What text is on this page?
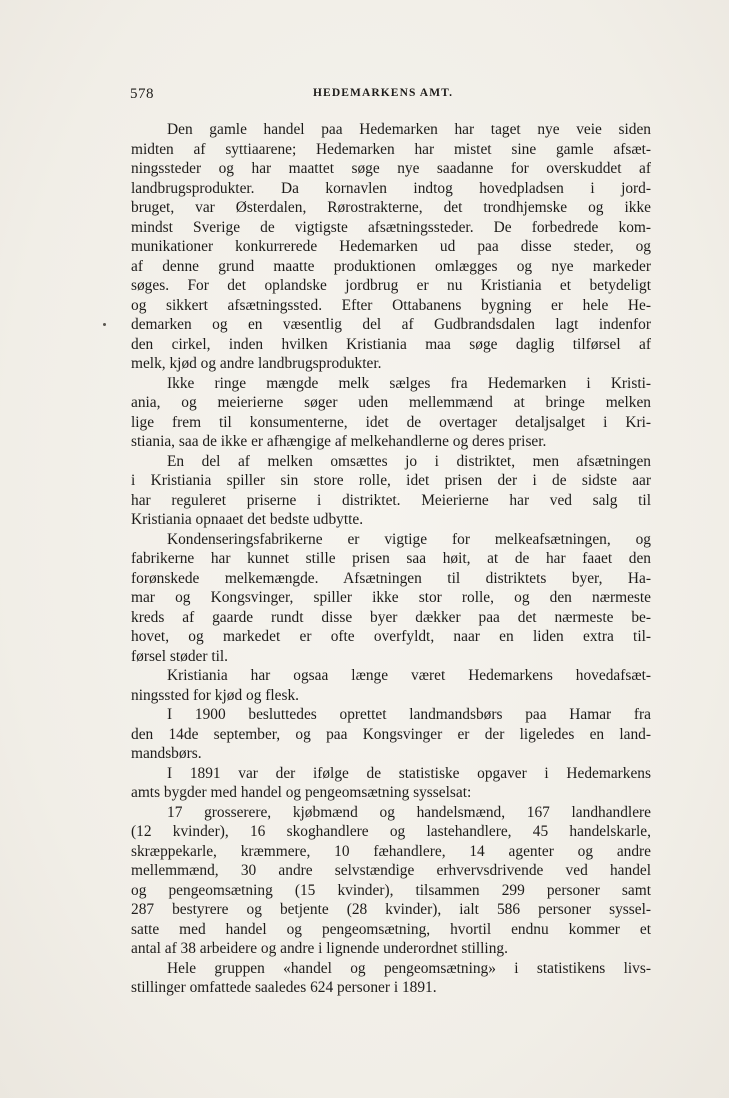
578	HEDEMARKENS AMT.
Den gamle handel paa Hedemarken har taget nye veie siden
midten af syttiaarene; Hedemarken har mistet sine gamle afsæt-
ningssteder og har maattet søge nye saadanne for overskuddet af
landbrugsprodukter. Da kornavlen indtog hovedpladsen i jord-
bruget, var Østerdalen, Rørostrakterne, det trondhjemske og ikke
mindst Sverige de vigtigste afsætningssteder. De forbedrede kom-
munikationer konkurrerede Hedemarken ud paa disse steder, og
af denne grund maatte produktionen omlægges og nye markeder
søges. For det oplandske jordbrug er nu Kristiania et betydeligt
og sikkert afsætningssted. Efter Ottabanens bygning er hele He-
demarken og en væsentlig del af Gudbrandsdalen lagt indenfor
den cirkel, inden hvilken Kristiania maa søge daglig tilførsel af
melk, kjød og andre landbrugsprodukter.
Ikke ringe mængde melk sælges fra Hedemarken i Kristi-
ania, og meierierne søger uden mellemmænd at bringe melken
lige frem til konsumenterne, idet de overtager detaljsalget i Kri-
stiania, saa de ikke er afhængige af melkehandlerne og deres priser.
En del af melken omsættes jo i distriktet, men afsætningen
i Kristiania spiller sin store rolle, idet prisen der i de sidste aar
har reguleret priserne i distriktet. Meierierne har ved salg til
Kristiania opnaaet det bedste udbytte.
Kondenseringsfabrikerne er vigtige for melkeafsætningen, og
fabrikerne har kunnet stille prisen saa høit, at de har faaet den
forønskede melkemængde. Afsætningen til distriktets byer, Ha-
mar og Kongsvinger, spiller ikke stor rolle, og den nærmeste
kreds af gaarde rundt disse byer dækker paa det nærmeste be-
hovet, og markedet er ofte overfyldt, naar en liden extra til-
førsel støder til.
Kristiania har ogsaa længe været Hedemarkens hovedafsæt-
ningssted for kjød og flesk.
I 1900 besluttedes oprettet landmandsbørs paa Hamar fra
den 14de september, og paa Kongsvinger er der ligeledes en land-
mandsbørs.
I 1891 var der ifølge de statistiske opgaver i Hedemarkens
amts bygder med handel og pengeomsætning sysselsat:
17 grosserere, kjøbmænd og handelsmænd, 167 landhandlere
(12 kvinder), 16 skoghandlere og lastehandlere, 45 handelskarle,
skræppekarle, kræmmere, 10 fæhandlere, 14 agenter og andre
mellemmænd, 30 andre selvstændige erhvervsdrivende ved handel
og pengeomsætning (15 kvinder), tilsammen 299 personer samt
287 bestyrere og betjente (28 kvinder), ialt 586 personer syssel-
satte med handel og pengeomsætning, hvortil endnu kommer et
antal af 38 arbeidere og andre i lignende underordnet stilling.
Hele gruppen «handel og pengeomsætning» i statistikens livs-
stillinger omfattede saaledes 624 personer i 1891.
